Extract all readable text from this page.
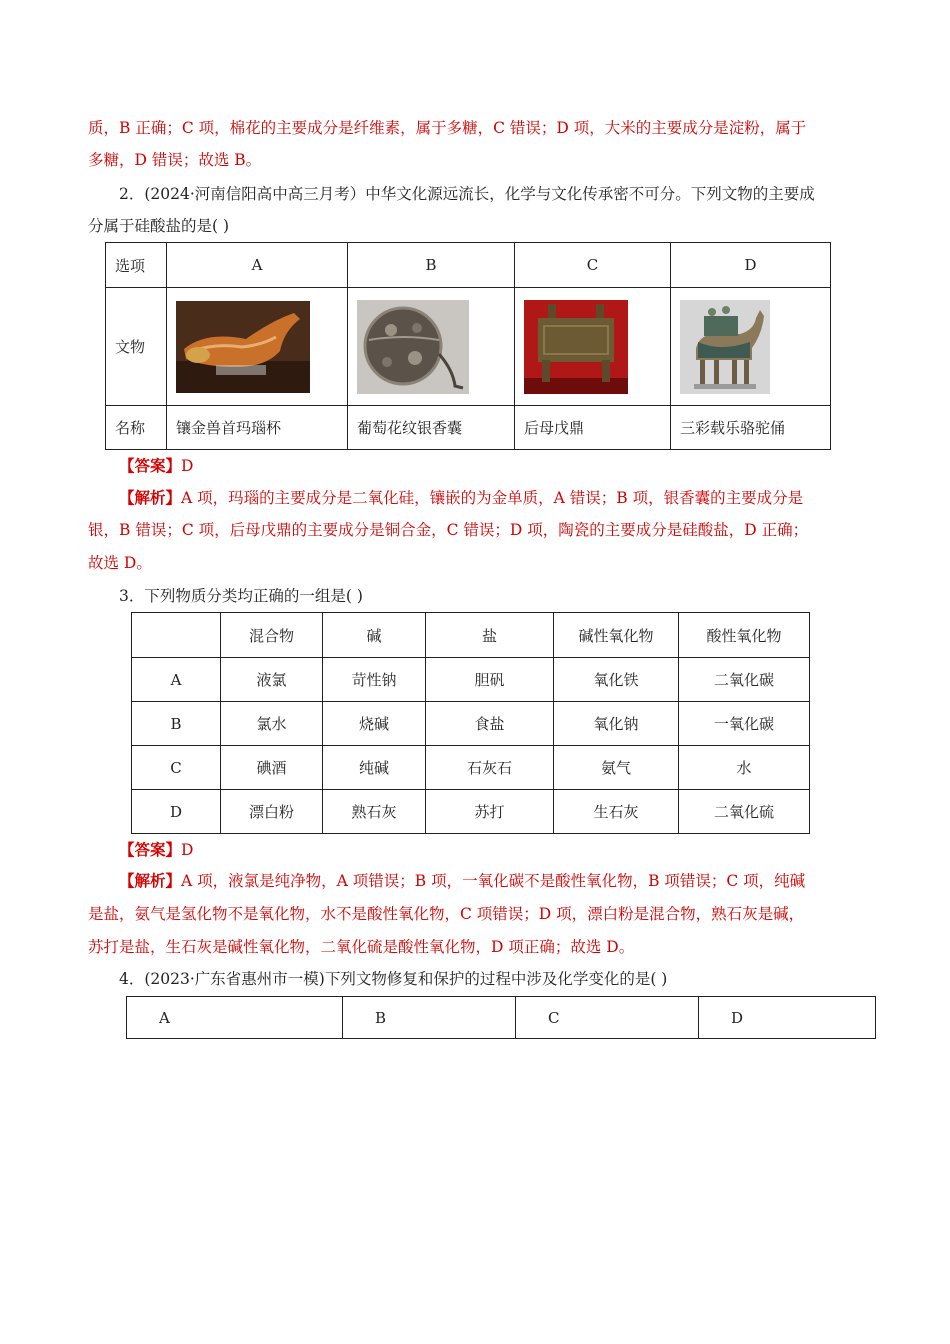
质，B 正确；C 项，棉花的主要成分是纤维素，属于多糖，C 错误；D 项，大米的主要成分是淀粉，属于
多糖，D 错误；故选 B。
2．(2024·河南信阳高中高三月考）中华文化源远流长，化学与文化传承密不可分。下列文物的主要成
分属于硅酸盐的是( )
选项	A	B	C	D
文物	

名称	镶金兽首玛瑙杯	葡萄花纹银香囊	后母戊鼎	三彩载乐骆驼俑
【答案】D
【解析】A 项，玛瑙的主要成分是二氧化硅，镶嵌的为金单质，A 错误；B 项，银香囊的主要成分是
银，B 错误；C 项，后母戊鼎的主要成分是铜合金，C 错误；D 项，陶瓷的主要成分是硅酸盐，D 正确；
故选 D。
3．下列物质分类均正确的一组是( )
	混合物	碱	盐	碱性氧化物	酸性氧化物
A	液氯	苛性钠	胆矾	氧化铁	二氧化碳
B	氯水	烧碱	食盐	氧化钠	一氧化碳
C	碘酒	纯碱	石灰石	氨气	水
D	漂白粉	熟石灰	苏打	生石灰	二氧化硫
【答案】D
【解析】A 项，液氯是纯净物，A 项错误；B 项，一氧化碳不是酸性氧化物，B 项错误；C 项，纯碱
是盐，氨气是氢化物不是氧化物，水不是酸性氧化物，C 项错误；D 项，漂白粉是混合物，熟石灰是碱，
苏打是盐，生石灰是碱性氧化物，二氧化硫是酸性氧化物，D 项正确；故选 D。
4．(2023·广东省惠州市一模)下列文物修复和保护的过程中涉及化学变化的是( )
A	B	C	D
